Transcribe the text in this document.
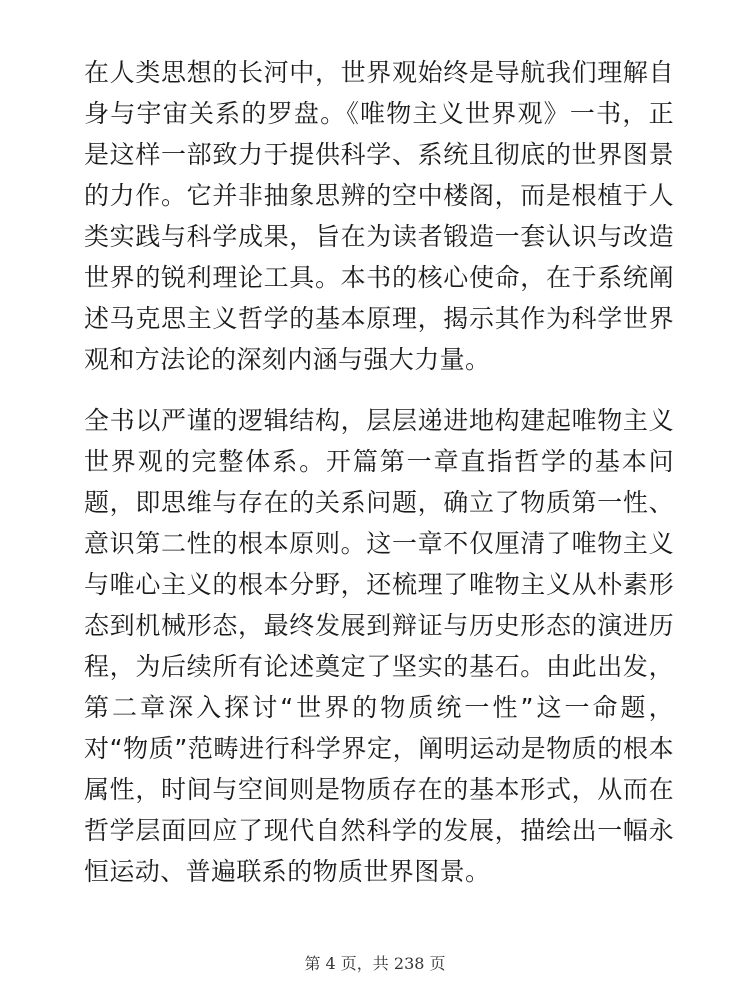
在人类思想的长河中，世界观始终是导航我们理解自身与宇宙关系的罗盘。《唯物主义世界观》一书，正是这样一部致力于提供科学、系统且彻底的世界图景的力作。它并非抽象思辨的空中楼阁，而是根植于人类实践与科学成果，旨在为读者锻造一套认识与改造世界的锐利理论工具。本书的核心使命，在于系统阐述马克思主义哲学的基本原理，揭示其作为科学世界观和方法论的深刻内涵与强大力量。

全书以严谨的逻辑结构，层层递进地构建起唯物主义世界观的完整体系。开篇第一章直指哲学的基本问题，即思维与存在的关系问题，确立了物质第一性、意识第二性的根本原则。这一章不仅厘清了唯物主义与唯心主义的根本分野，还梳理了唯物主义从朴素形态到机械形态，最终发展到辩证与历史形态的演进历程，为后续所有论述奠定了坚实的基石。由此出发，第二章深入探讨“世界的物质统一性”这一命题，对“物质”范畴进行科学界定，阐明运动是物质的根本属性，时间与空间则是物质存在的基本形式，从而在哲学层面回应了现代自然科学的发展，描绘出一幅永恒运动、普遍联系的物质世界图景。

第 4 页，共 238 页
